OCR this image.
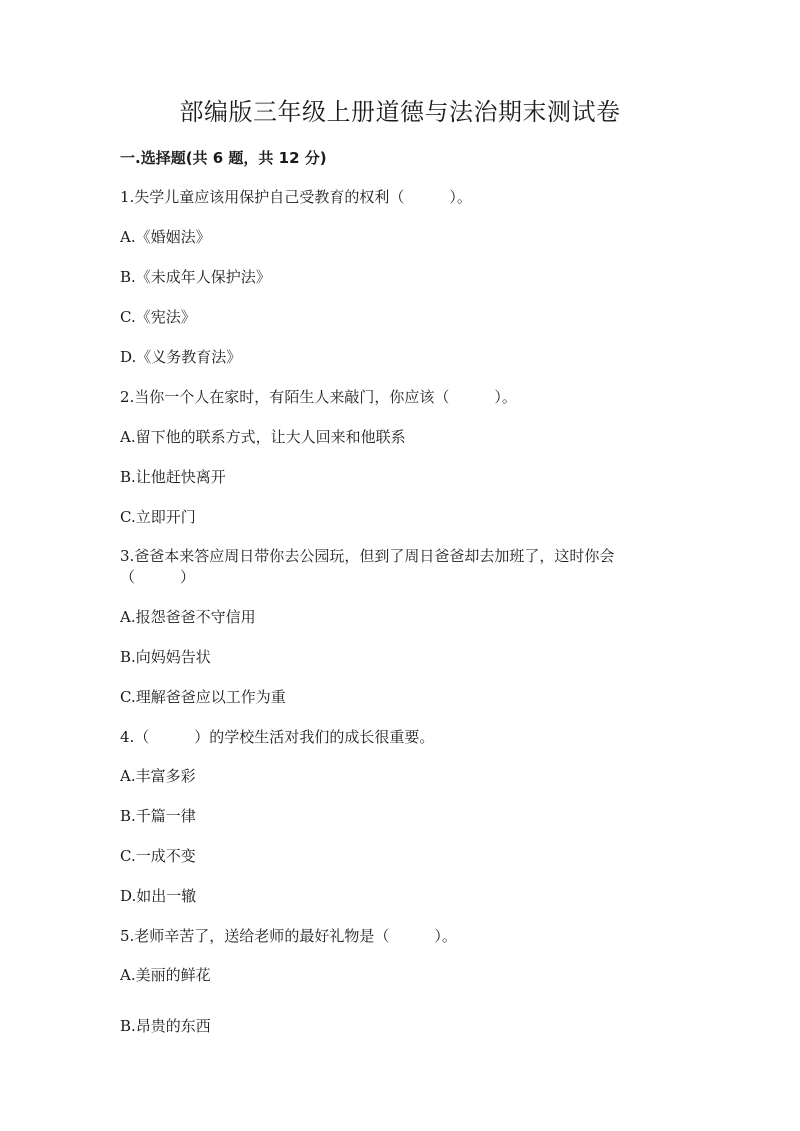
部编版三年级上册道德与法治期末测试卷
一.选择题(共 6 题，共 12 分)
1.失学儿童应该用保护自己受教育的权利（　　　）。
A.《婚姻法》
B.《未成年人保护法》
C.《宪法》
D.《义务教育法》
2.当你一个人在家时，有陌生人来敲门，你应该（　　　）。
A.留下他的联系方式，让大人回来和他联系
B.让他赶快离开
C.立即开门
3.爸爸本来答应周日带你去公园玩，但到了周日爸爸却去加班了，这时你会
（　　　）
A.报怨爸爸不守信用
B.向妈妈告状
C.理解爸爸应以工作为重
4.（　　　）的学校生活对我们的成长很重要。
A.丰富多彩
B.千篇一律
C.一成不变
D.如出一辙
5.老师辛苦了，送给老师的最好礼物是（　　　）。
A.美丽的鲜花
B.昂贵的东西
